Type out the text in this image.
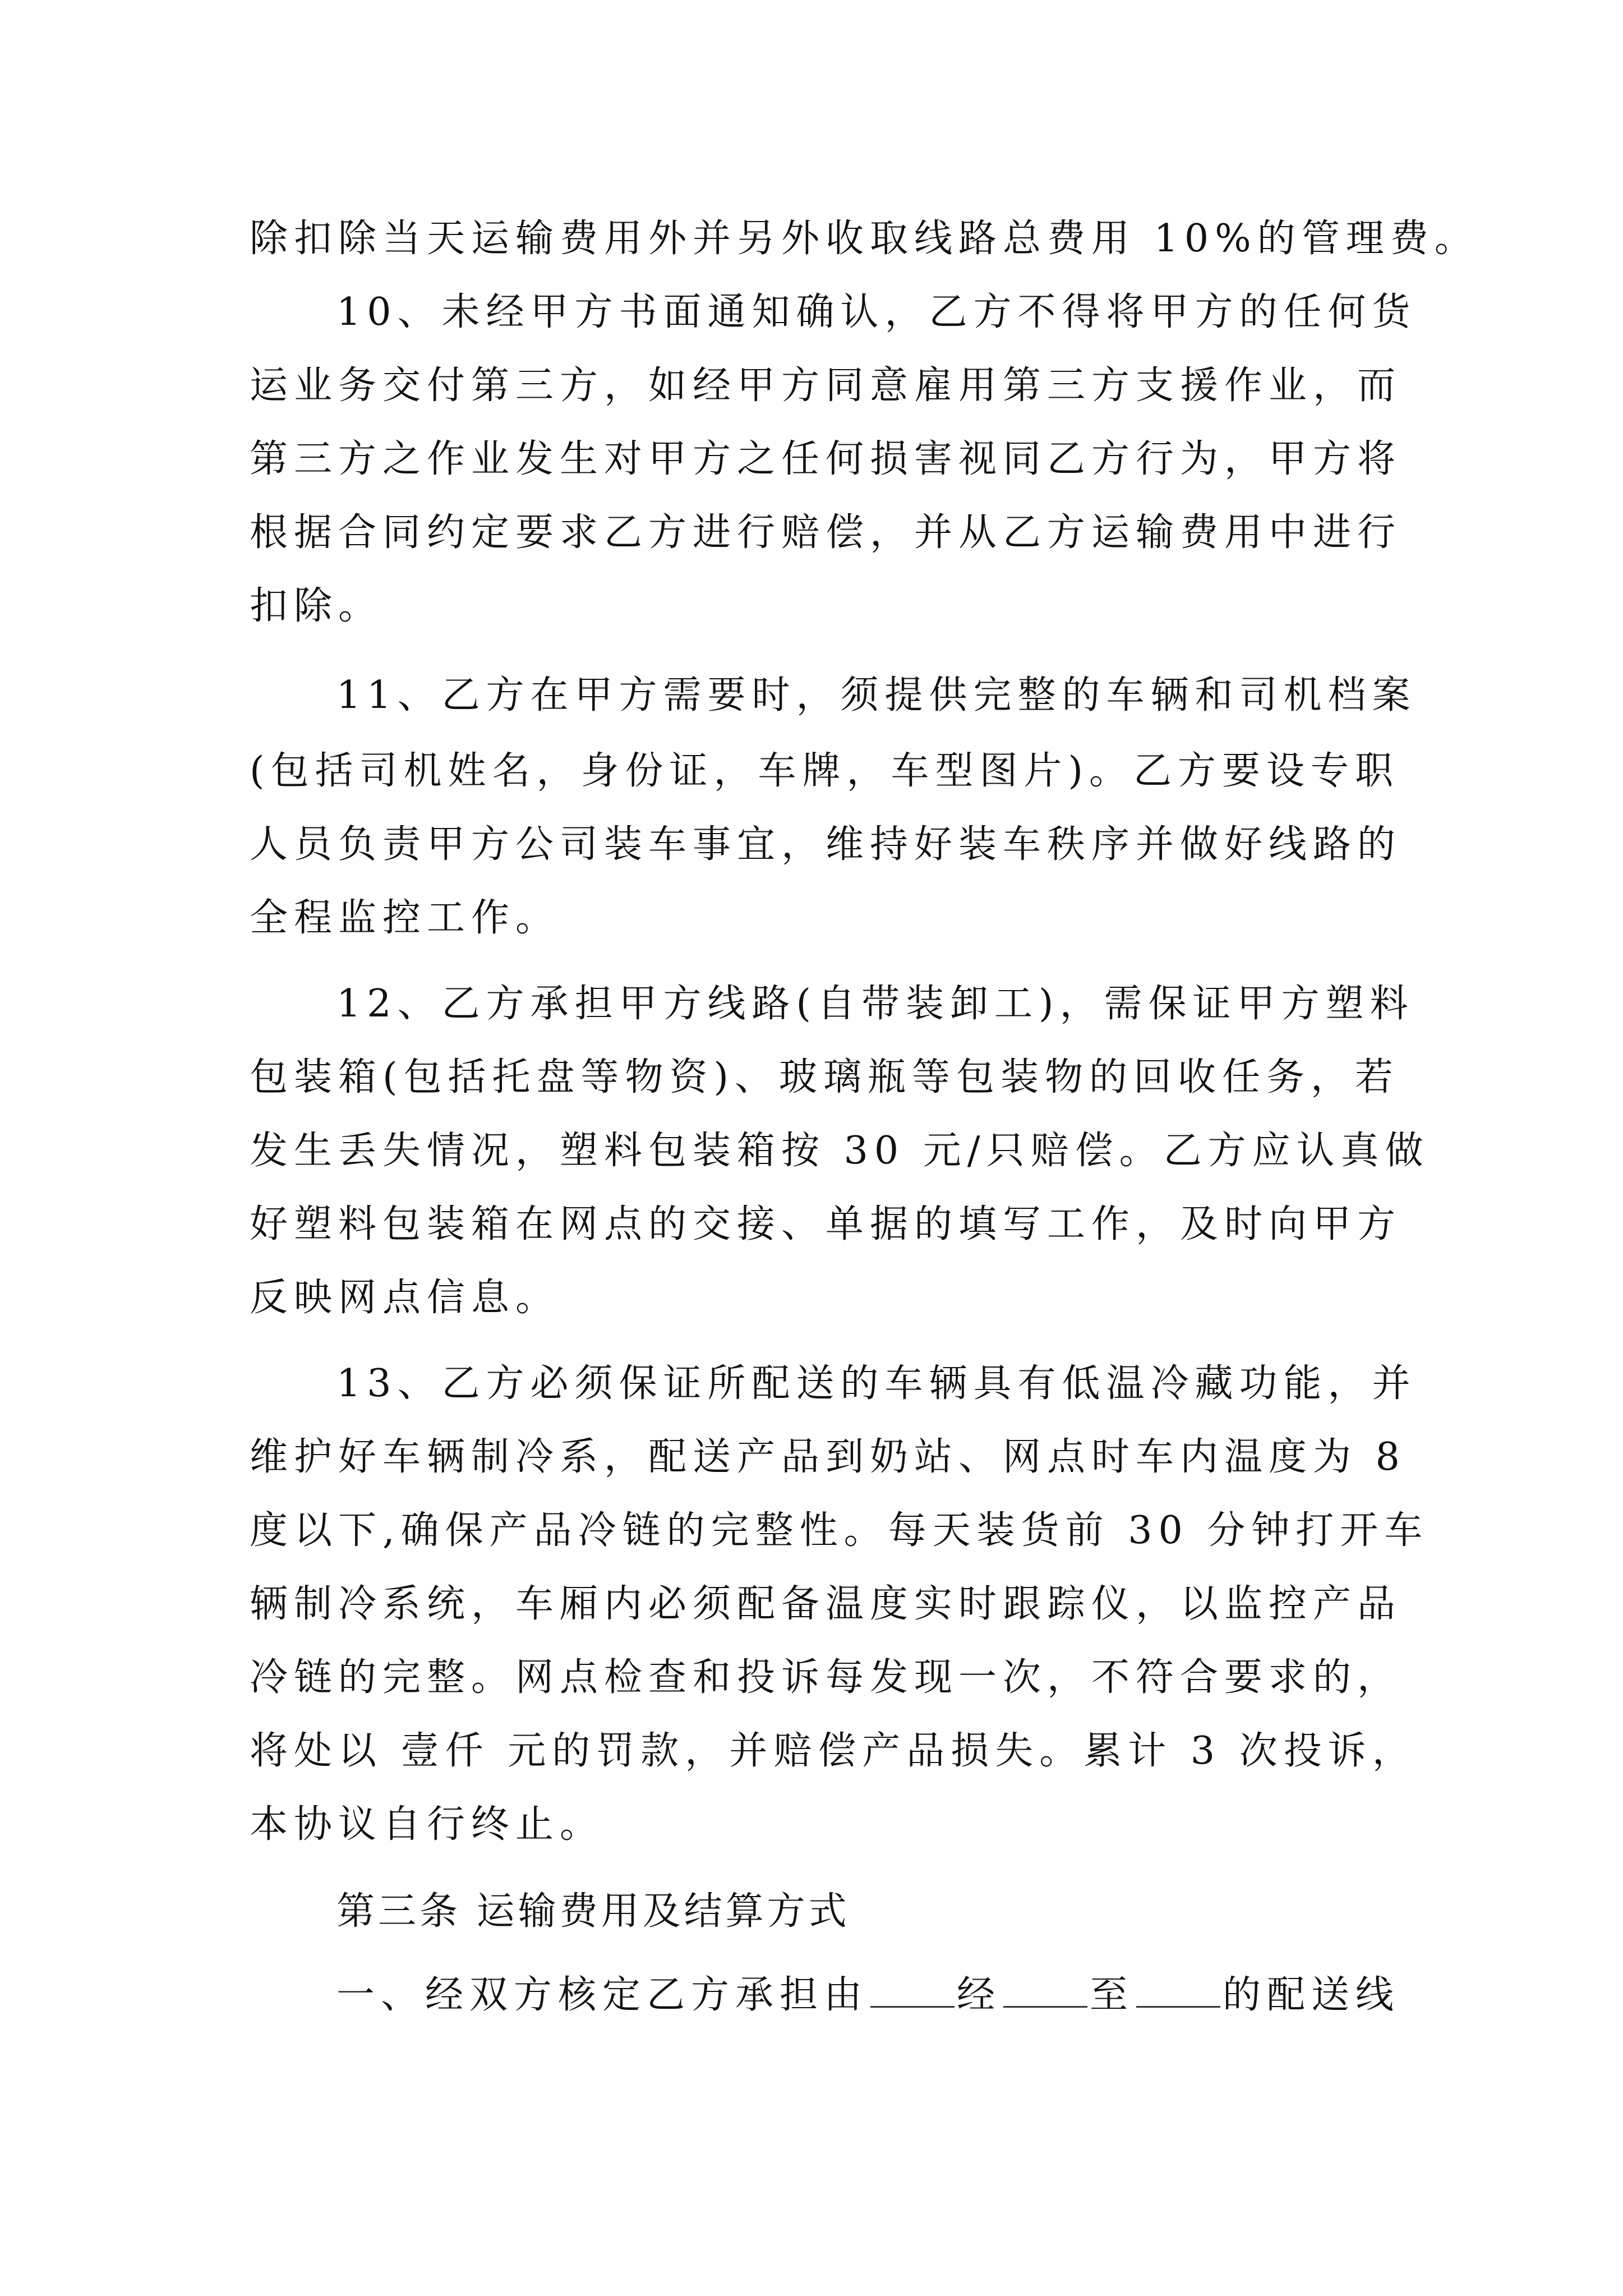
除扣除当天运输费用外并另外收取线路总费用 10%的管理费。
10、未经甲方书面通知确认，乙方不得将甲方的任何货
运业务交付第三方，如经甲方同意雇用第三方支援作业，而
第三方之作业发生对甲方之任何损害视同乙方行为，甲方将
根据合同约定要求乙方进行赔偿，并从乙方运输费用中进行
扣除。
11、乙方在甲方需要时，须提供完整的车辆和司机档案
(包括司机姓名，身份证，车牌，车型图片)。乙方要设专职
人员负责甲方公司装车事宜，维持好装车秩序并做好线路的
全程监控工作。
12、乙方承担甲方线路(自带装卸工)，需保证甲方塑料
包装箱(包括托盘等物资)、玻璃瓶等包装物的回收任务，若
发生丢失情况，塑料包装箱按 30 元/只赔偿。乙方应认真做
好塑料包装箱在网点的交接、单据的填写工作，及时向甲方
反映网点信息。
13、乙方必须保证所配送的车辆具有低温冷藏功能，并
维护好车辆制冷系，配送产品到奶站、网点时车内温度为 8
度以下,确保产品冷链的完整性。每天装货前 30 分钟打开车
辆制冷系统，车厢内必须配备温度实时跟踪仪，以监控产品
冷链的完整。网点检查和投诉每发现一次，不符合要求的，
将处以 壹仟 元的罚款，并赔偿产品损失。累计 3 次投诉，
本协议自行终止。
第三条 运输费用及结算方式
一、经双方核定乙方承担由 经 至 的配送线
